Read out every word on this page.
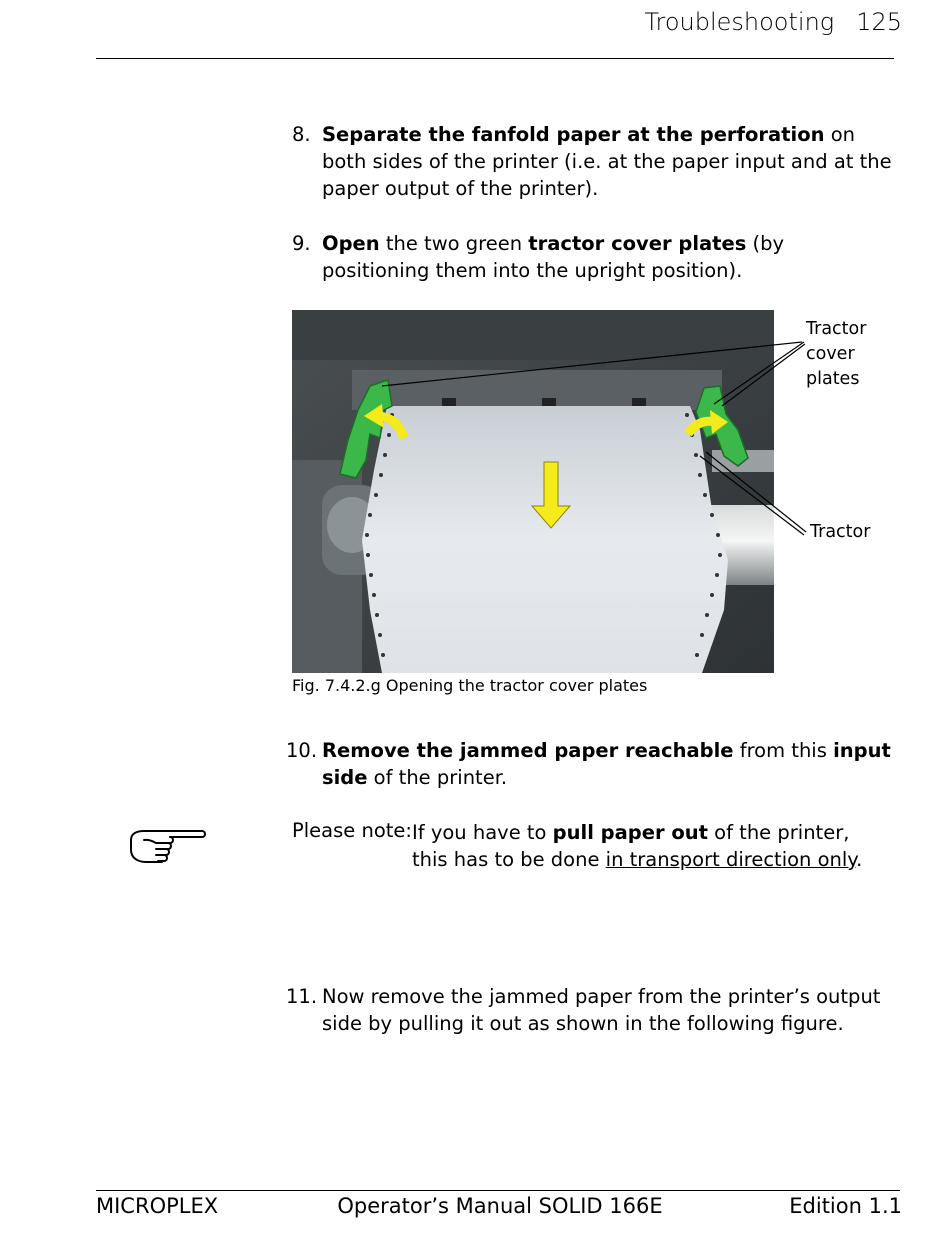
Troubleshooting 125
8. Separate the fanfold paper at the perforation on both sides of the printer (i.e. at the paper input and at the paper output of the printer).
9. Open the two green tractor cover plates (by positioning them into the upright position).
Tractor
cover
plates
Tractor
Fig. 7.4.2.g Opening the tractor cover plates
10. Remove the jammed paper reachable from this input side of the printer.
Please note: If you have to pull paper out of the printer, this has to be done in transport direction only.
11. Now remove the jammed paper from the printer’s output side by pulling it out as shown in the following figure.
MICROPLEX	Operator’s Manual SOLID 166E	Edition 1.1
